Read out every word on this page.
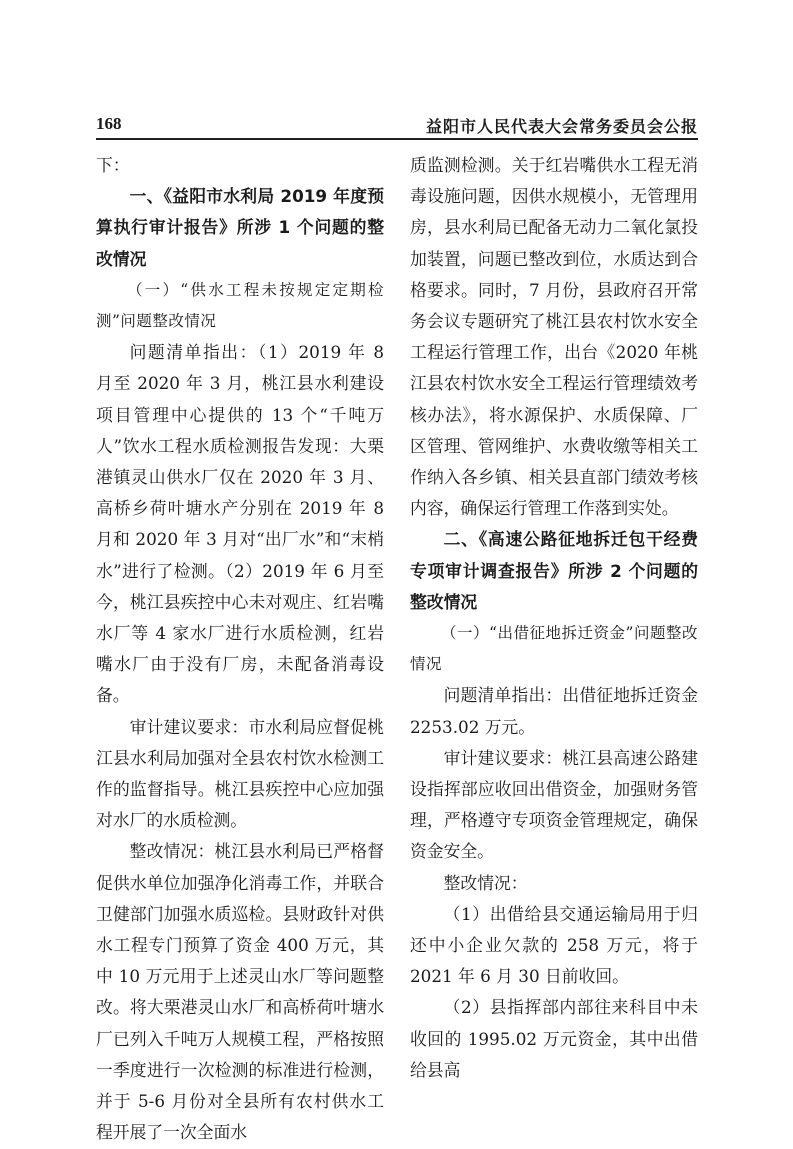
168	益阳市人民代表大会常务委员会公报

下：

一、《益阳市水利局 2019 年度预算执行审计报告》所涉 1 个问题的整改情况

（一）“供水工程未按规定定期检测”问题整改情况

问题清单指出：（1）2019 年 8 月至 2020 年 3 月，桃江县水利建设项目管理中心提供的 13 个“千吨万人”饮水工程水质检测报告发现：大栗港镇灵山供水厂仅在 2020 年 3 月、高桥乡荷叶塘水产分别在 2019 年 8 月和 2020 年 3 月对“出厂水”和“末梢水”进行了检测。（2）2019 年 6 月至今，桃江县疾控中心未对观庄、红岩嘴水厂等 4 家水厂进行水质检测，红岩嘴水厂由于没有厂房，未配备消毒设备。

审计建议要求：市水利局应督促桃江县水利局加强对全县农村饮水检测工作的监督指导。桃江县疾控中心应加强对水厂的水质检测。

整改情况：桃江县水利局已严格督促供水单位加强净化消毒工作，并联合卫健部门加强水质巡检。县财政针对供水工程专门预算了资金 400 万元，其中 10 万元用于上述灵山水厂等问题整改。将大栗港灵山水厂和高桥荷叶塘水厂已列入千吨万人规模工程，严格按照一季度进行一次检测的标准进行检测，并于 5-6 月份对全县所有农村供水工程开展了一次全面水

质监测检测。关于红岩嘴供水工程无消毒设施问题，因供水规模小，无管理用房，县水利局已配备无动力二氧化氯投加装置，问题已整改到位，水质达到合格要求。同时，7 月份，县政府召开常务会议专题研究了桃江县农村饮水安全工程运行管理工作，出台《2020 年桃江县农村饮水安全工程运行管理绩效考核办法》，将水源保护、水质保障、厂区管理、管网维护、水费收缴等相关工作纳入各乡镇、相关县直部门绩效考核内容，确保运行管理工作落到实处。

二、《高速公路征地拆迁包干经费专项审计调查报告》所涉 2 个问题的整改情况

（一）“出借征地拆迁资金”问题整改情况

问题清单指出：出借征地拆迁资金 2253.02 万元。

审计建议要求：桃江县高速公路建设指挥部应收回出借资金，加强财务管理，严格遵守专项资金管理规定，确保资金安全。

整改情况：

（1）出借给县交通运输局用于归还中小企业欠款的 258 万元，将于 2021 年 6 月 30 日前收回。

（2）县指挥部内部往来科目中未收回的 1995.02 万元资金，其中出借给县高
